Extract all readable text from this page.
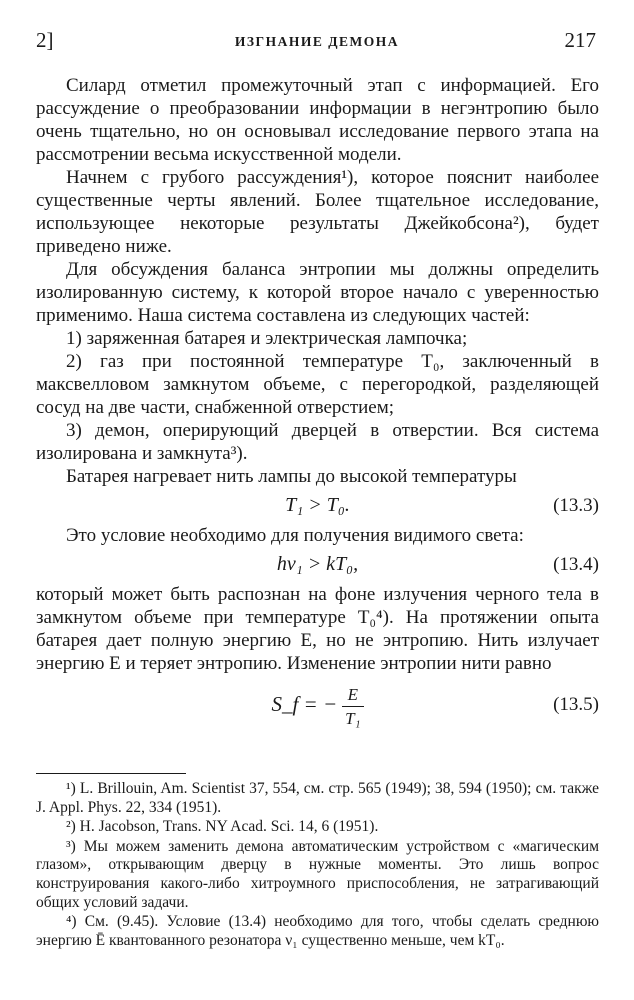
2]	ИЗГНАНИЕ ДЕМОНА	217

Силард отметил промежуточный этап с информацией. Его рассуждение о преобразовании информации в негэнтропию было очень тщательно, но он основывал исследование первого этапа на рассмотрении весьма искусственной модели.

Начнем с грубого рассуждения¹), которое пояснит наиболее существенные черты явлений. Более тщательное исследование, использующее некоторые результаты Джейкобсона²), будет приведено ниже.

Для обсуждения баланса энтропии мы должны определить изолированную систему, к которой второе начало с уверенностью применимо. Наша система составлена из следующих частей:

1) заряженная батарея и электрическая лампочка;

2) газ при постоянной температуре T₀, заключенный в максвелловом замкнутом объеме, с перегородкой, разделяющей сосуд на две части, снабженной отверстием;

3) демон, оперирующий дверцей в отверстии. Вся система изолирована и замкнута³).

Батарея нагревает нить лампы до высокой температуры

T₁ > T₀.	(13.3)

Это условие необходимо для получения видимого света:

hν₁ > kT₀,	(13.4)

который может быть распознан на фоне излучения черного тела в замкнутом объеме при температуре T₀⁴). На протяжении опыта батарея дает полную энергию E, но не энтропию. Нить излучает энергию E и теряет энтропию. Изменение энтропии нити равно

S_f = − $\frac{E}{\text{T₁}}$	(13.5)

¹) L. Brillouin, Am. Scientist 37, 554, см. стр. 565 (1949); 38, 594 (1950); см. также J. Appl. Phys. 22, 334 (1951).

²) H. Jacobson, Trans. NY Acad. Sci. 14, 6 (1951).

³) Мы можем заменить демона автоматическим устройством с «магическим глазом», открывающим дверцу в нужные моменты. Это лишь вопрос конструирования какого-либо хитроумного приспособления, не затрагивающий общих условий задачи.

⁴) См. (9.45). Условие (13.4) необходимо для того, чтобы сделать среднюю энергию Ē квантованного резонатора ν₁ существенно меньше, чем kT₀.
